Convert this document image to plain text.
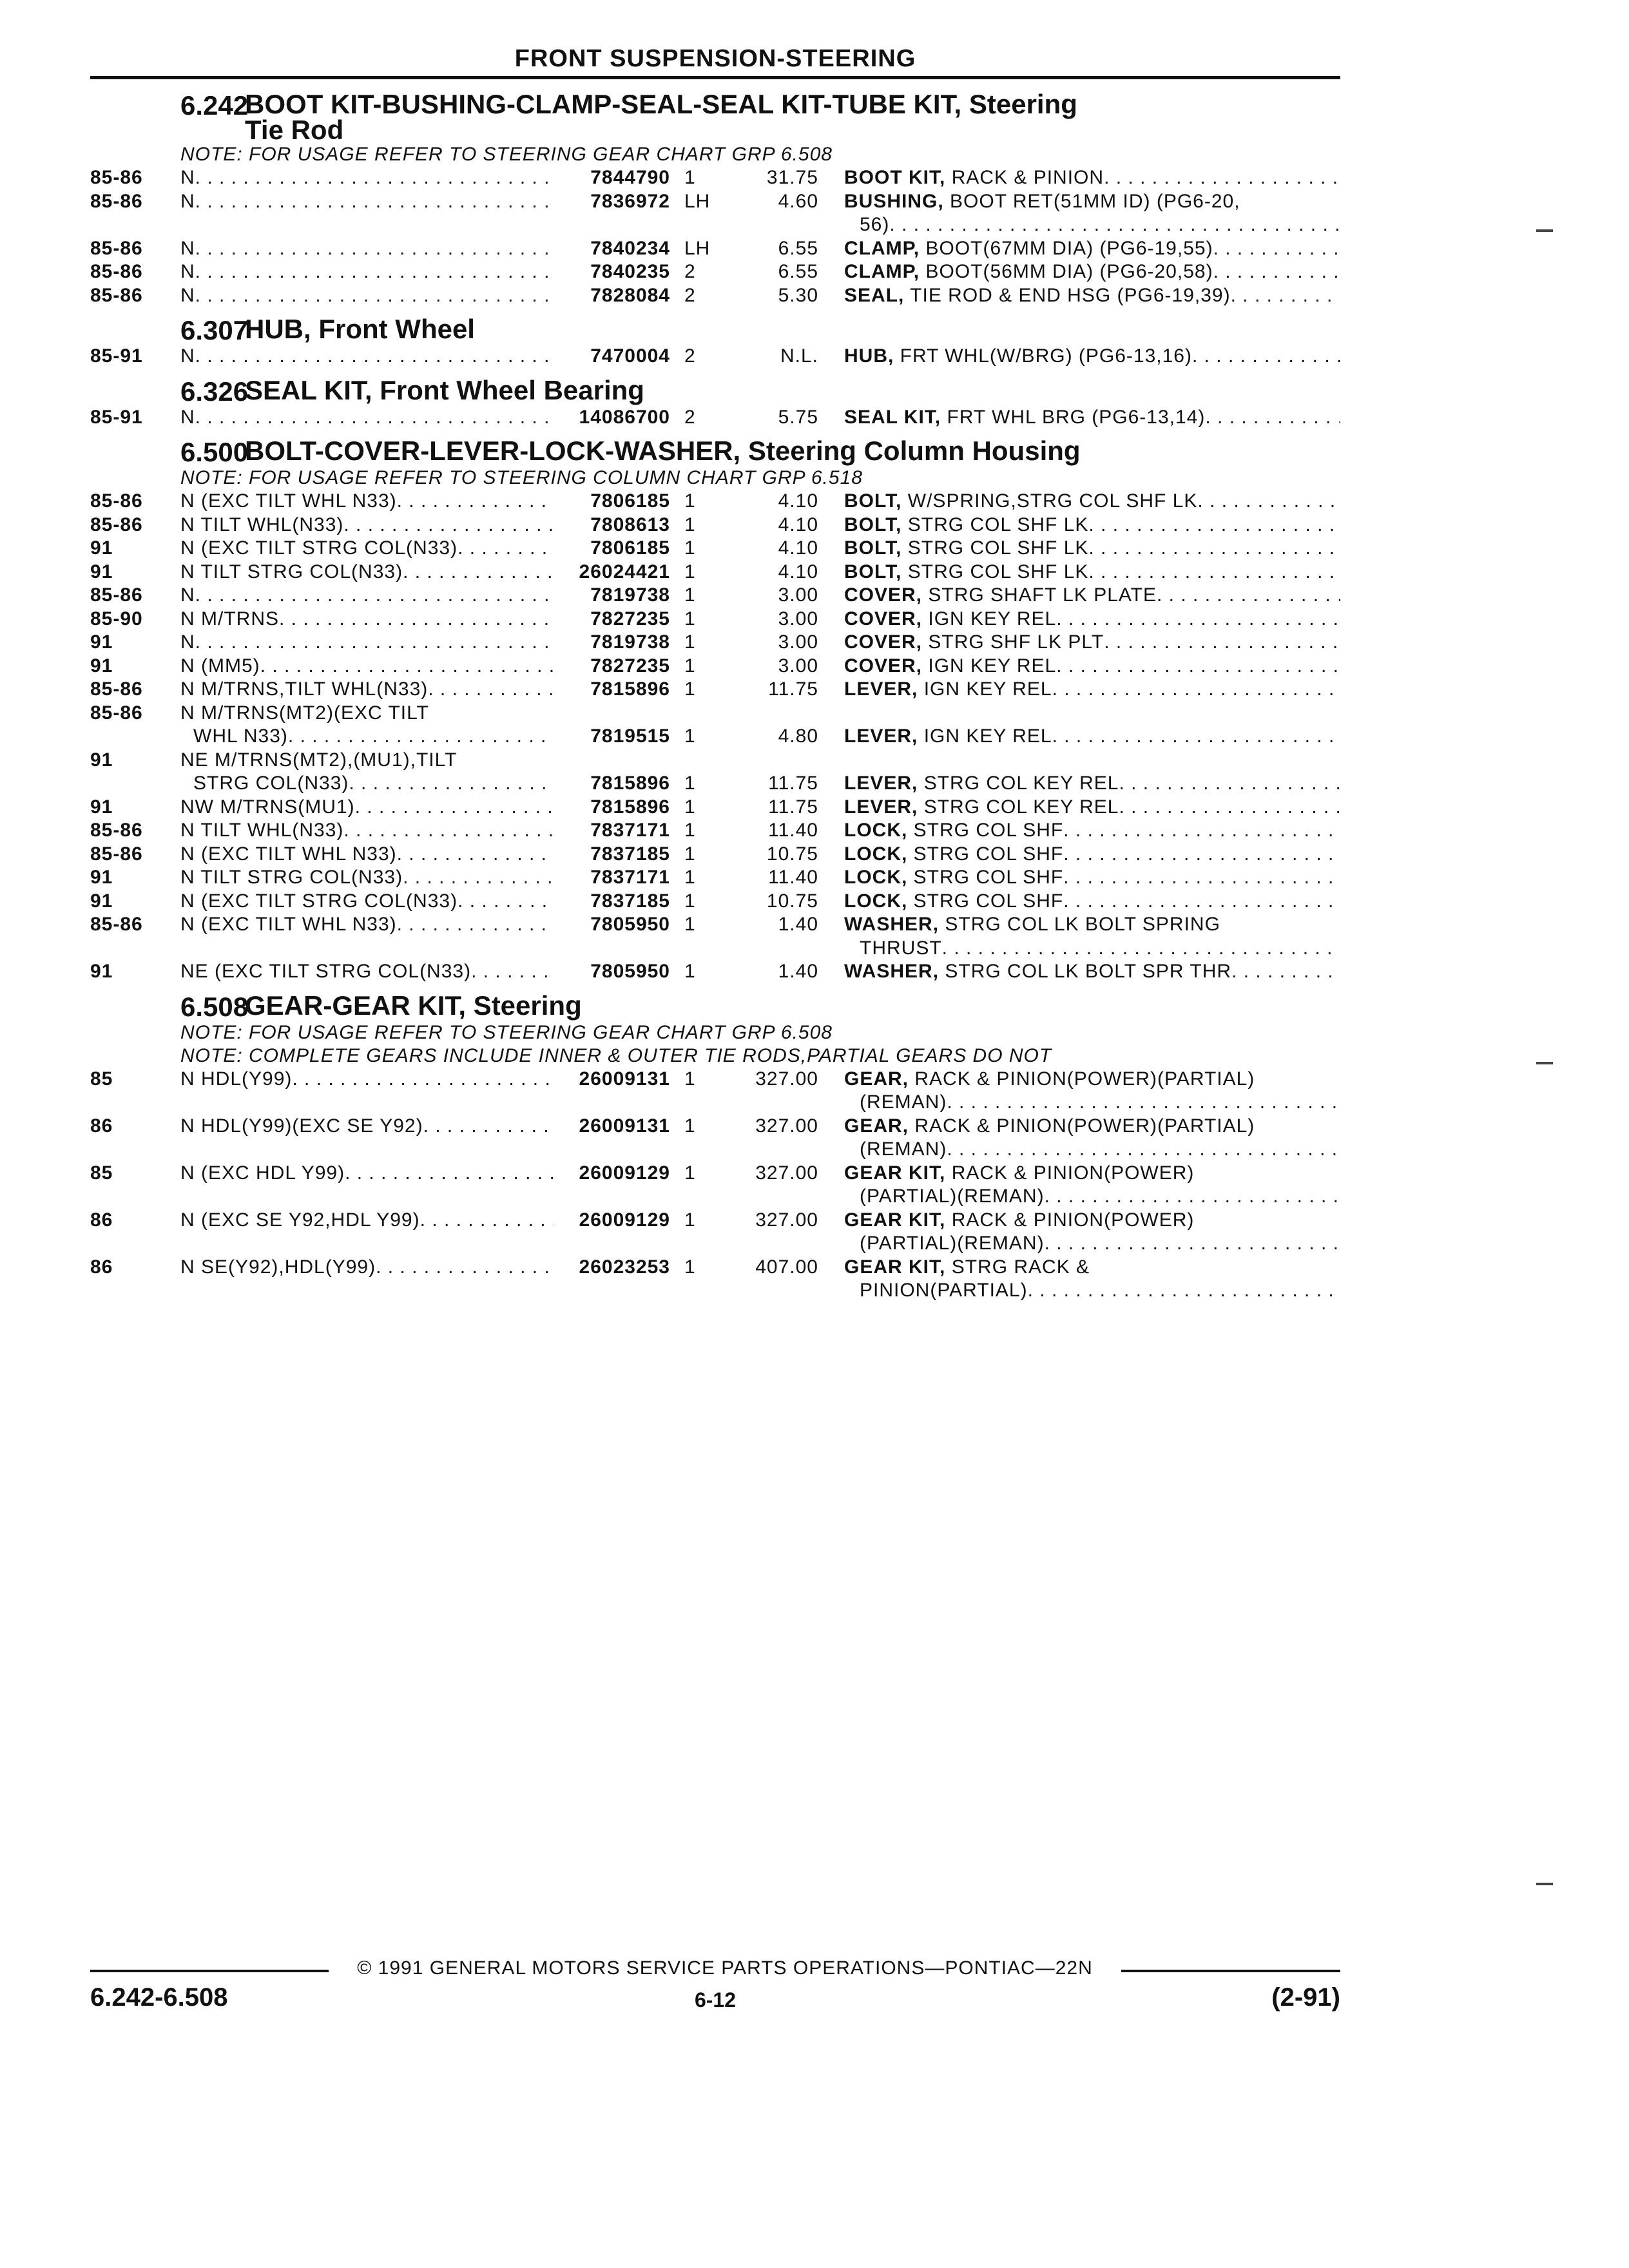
FRONT SUSPENSION-STEERING
6.242
BOOT KIT-BUSHING-CLAMP-SEAL-SEAL KIT-TUBE KIT, Steering
Tie Rod
NOTE: FOR USAGE REFER TO STEERING GEAR CHART GRP 6.508
85-86	N . . .	7844790 1	31.75 BOOT KIT, RACK & PINION
. . .
85-86	N . . .	7836972 LH	4.60 BUSHING, BOOT RET(51MM ID) (PG6-20,
56)
. . .
85-86	N . . .	7840234 LH	6.55 CLAMP, BOOT(67MM DIA) (PG6-19,55)
. . .
85-86	N . . .	7840235 2	6.55 CLAMP, BOOT(56MM DIA) (PG6-20,58)
. . .
85-86	N . . .	7828084 2	5.30 SEAL, TIE ROD & END HSG (PG6-19,39)
. . .
6.307
HUB, Front Wheel
85-91	N . . .	7470004 2	N.L. HUB, FRT WHL(W/BRG) (PG6-13,16)
. . .
6.326
SEAL KIT, Front Wheel Bearing
85-91	N . . .	14086700 2	5.75 SEAL KIT, FRT WHL BRG (PG6-13,14)
. . .
6.500
BOLT-COVER-LEVER-LOCK-WASHER, Steering Column Housing
NOTE: FOR USAGE REFER TO STEERING COLUMN CHART GRP 6.518
85-86	N (EXC TILT WHL N33) . . .	7806185 1	4.10 BOLT, W/SPRING,STRG COL SHF LK
. . .
85-86	N TILT WHL(N33) . . .	7808613 1	4.10 BOLT, STRG COL SHF LK
. . .
91	N (EXC TILT STRG COL(N33) . . .	7806185 1	4.10 BOLT, STRG COL SHF LK
. . .
91	N TILT STRG COL(N33) . . .	26024421 1	4.10 BOLT, STRG COL SHF LK
. . .
85-86	N . . .	7819738 1	3.00 COVER, STRG SHAFT LK PLATE
. . .
85-90	N M/TRNS . . .	7827235 1	3.00 COVER, IGN KEY REL
. . .
91	N . . .	7819738 1	3.00 COVER, STRG SHF LK PLT
. . .
91	N (MM5) . . .	7827235 1	3.00 COVER, IGN KEY REL
. . .
85-86	N M/TRNS,TILT WHL(N33) . . .	7815896 1	11.75 LEVER, IGN KEY REL
. . .
85-86	N M/TRNS(MT2)(EXC TILT
WHL N33) . . .	7819515 1	4.80 LEVER, IGN KEY REL
. . .
91	NE M/TRNS(MT2),(MU1),TILT
STRG COL(N33) . . .	7815896 1	11.75 LEVER, STRG COL KEY REL
. . .
91	NW M/TRNS(MU1) . . .	7815896 1	11.75 LEVER, STRG COL KEY REL
. . .
85-86	N TILT WHL(N33) . . .	7837171 1	11.40 LOCK, STRG COL SHF
. . .
85-86	N (EXC TILT WHL N33) . . .	7837185 1	10.75 LOCK, STRG COL SHF
. . .
91	N TILT STRG COL(N33) . . .	7837171 1	11.40 LOCK, STRG COL SHF
. . .
91	N (EXC TILT STRG COL(N33) . . .	7837185 1	10.75 LOCK, STRG COL SHF
. . .
85-86	N (EXC TILT WHL N33) . . .	7805950 1	1.40 WASHER, STRG COL LK BOLT SPRING
THRUST
. . .
91	NE (EXC TILT STRG COL(N33) . . .	7805950 1	1.40 WASHER, STRG COL LK BOLT SPR THR
. . .
6.508
GEAR-GEAR KIT, Steering
NOTE: FOR USAGE REFER TO STEERING GEAR CHART GRP 6.508
NOTE: COMPLETE GEARS INCLUDE INNER & OUTER TIE RODS,PARTIAL GEARS DO NOT
85	N HDL(Y99) . . .	26009131 1	327.00 GEAR, RACK & PINION(POWER)(PARTIAL)
(REMAN)
. . .
86	N HDL(Y99)(EXC SE Y92) . . .	26009131 1	327.00 GEAR, RACK & PINION(POWER)(PARTIAL)
(REMAN)
. . .
85	N (EXC HDL Y99) . . .	26009129 1	327.00 GEAR KIT, RACK & PINION(POWER)
(PARTIAL)(REMAN)
. . .
86	N (EXC SE Y92,HDL Y99) . . .	26009129 1	327.00 GEAR KIT, RACK & PINION(POWER)
(PARTIAL)(REMAN)
. . .
86	N SE(Y92),HDL(Y99) . . .	26023253 1	407.00 GEAR KIT, STRG RACK &
PINION(PARTIAL)
. . .
© 1991 GENERAL MOTORS SERVICE PARTS OPERATIONS—PONTIAC—22N
6.242-6.508	6-12	(2-91)
